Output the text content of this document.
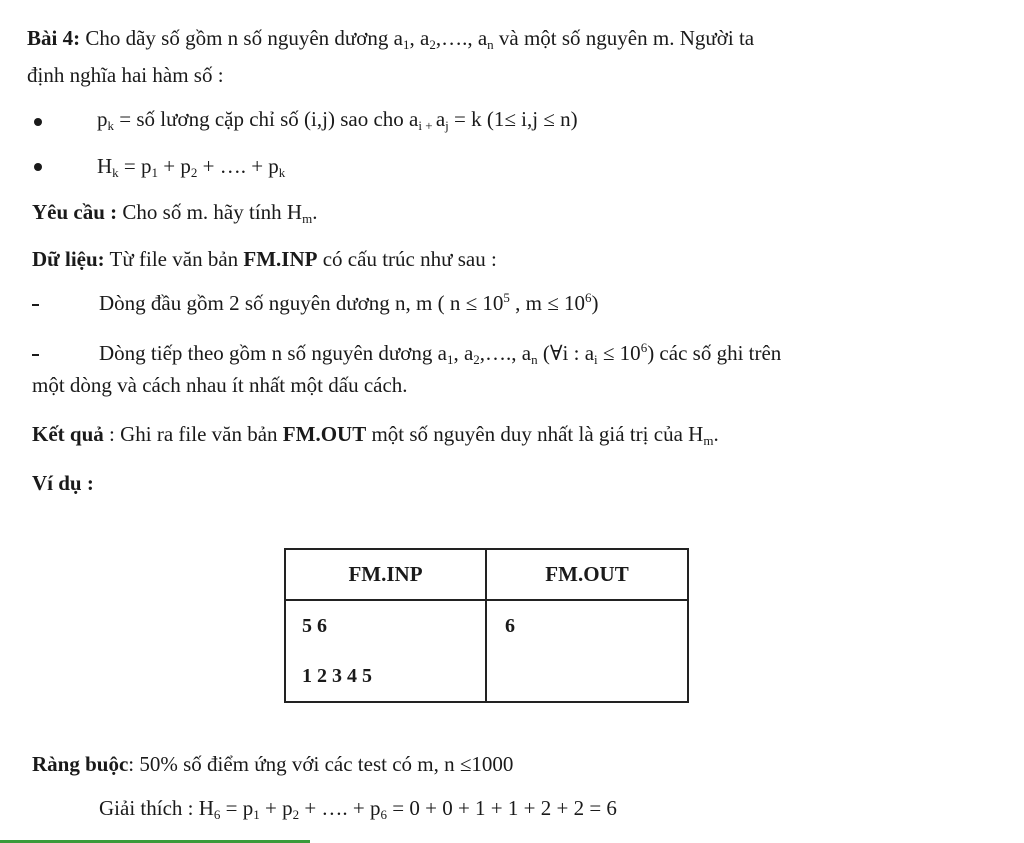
Bài 4: Cho dãy số gồm n số nguyên dương $a_1$, $a_2,\dots$., $a_n$ và một số nguyên m. Người ta
định nghĩa hai hàm số :
$p_k$ = số lương cặp chỉ số (i,j) sao cho $a_{i +}$ $a_j = k$ (1≤ i,j ≤ n)
$H_k = p_1 + p_2$ + …. + $p_k$
Yêu cầu : Cho số m. hãy tính $H_m$.
Dữ liệu: Từ file văn bản FM.INP có cấu trúc như sau :
Dòng đầu gồm 2 số nguyên dương n, m ( $n \le 10^5$ , $m \le 10^6$)
Dòng tiếp theo gồm n số nguyên dương $a_1$, $a_2,\dots$., $a_n$ (∀i : $a_i \le 10^6$) các số ghi trên
một dòng và cách nhau ít nhất một dấu cách.
Kết quả : Ghi ra file văn bản FM.OUT một số nguyên duy nhất là giá trị của $H_m$.
Ví dụ :
FM.INP	FM.OUT

5 6
1 2 3 4 5	6
Ràng buộc: 50% số điểm ứng với các test có m, n ≤1000
Giải thích : $H_6 = p_1 + p_2$ + …. + $p_6 = 0 + 0 + 1 + 1 + 2 + 2 = 6$
